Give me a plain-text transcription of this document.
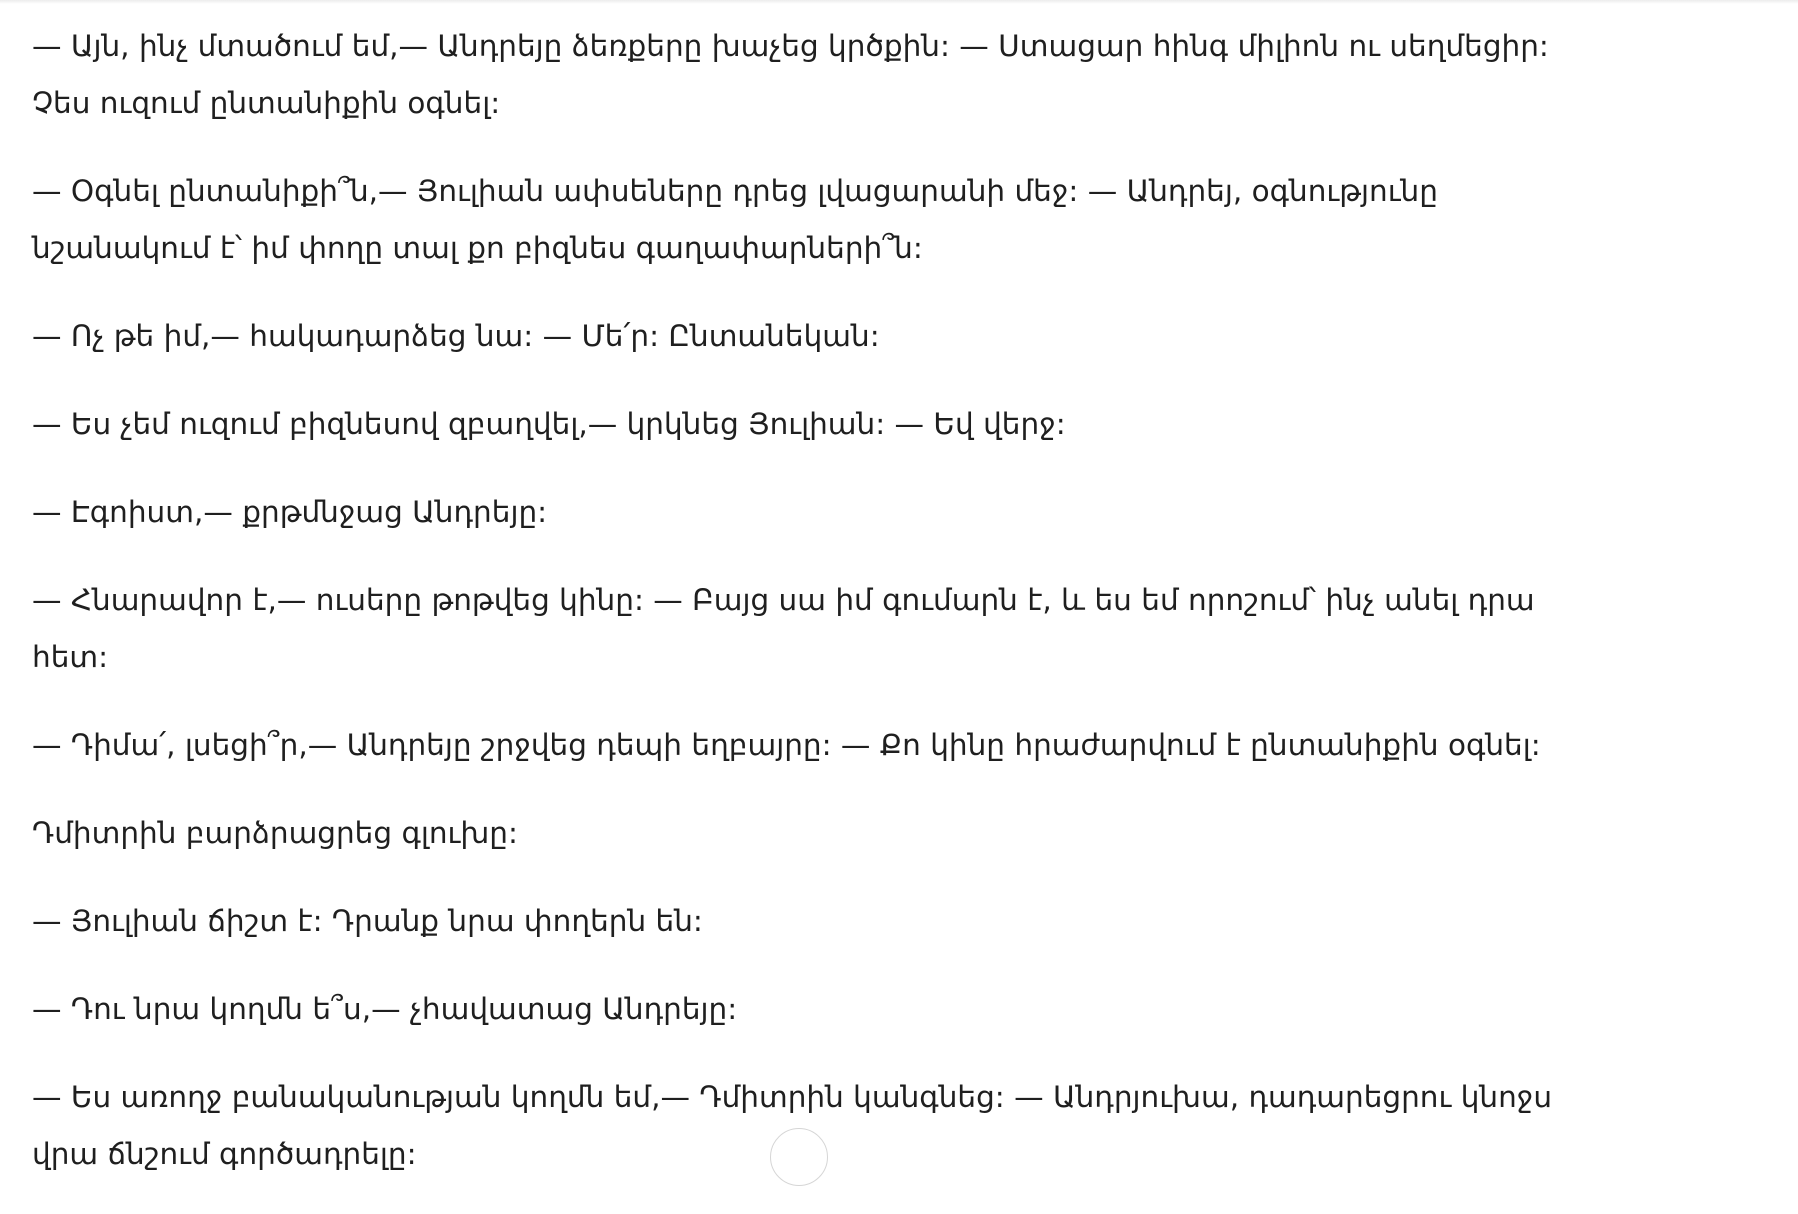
— Այն, ինչ մտածում եմ,— Անդրեյը ձեռքերը խաչեց կրծքին: — Ստացար հինգ միլիոն ու սեղմեցիր: Չես ուզում ընտանիքին օգնել:

— Օգնել ընտանիքի՞ն,— Յուլիան ափսեները դրեց լվացարանի մեջ: — Անդրեյ, օգնությունը նշանակում է՝ իմ փողը տալ քո բիզնես գաղափարների՞ն:

— Ոչ թե իմ,— հակադարձեց նա: — Մե՛ր: Ընտանեկան:

— Ես չեմ ուզում բիզնեսով զբաղվել,— կրկնեց Յուլիան: — Եվ վերջ:

— Էգոիստ,— քրթմնջաց Անդրեյը:

— Հնարավոր է,— ուսերը թոթվեց կինը: — Բայց սա իմ գումարն է, և ես եմ որոշում՝ ինչ անել դրա հետ:

— Դիմա՛, լսեցի՞ր,— Անդրեյը շրջվեց դեպի եղբայրը: — Քո կինը հրաժարվում է ընտանիքին օգնել:

Դմիտրին բարձրացրեց գլուխը:

— Յուլիան ճիշտ է: Դրանք նրա փողերն են:

— Դու նրա կողմն ե՞ս,— չհավատաց Անդրեյը:

— Ես առողջ բանականության կողմն եմ,— Դմիտրին կանգնեց: — Անդրյուխա, դադարեցրու կնոջս վրա ճնշում գործադրելը:
